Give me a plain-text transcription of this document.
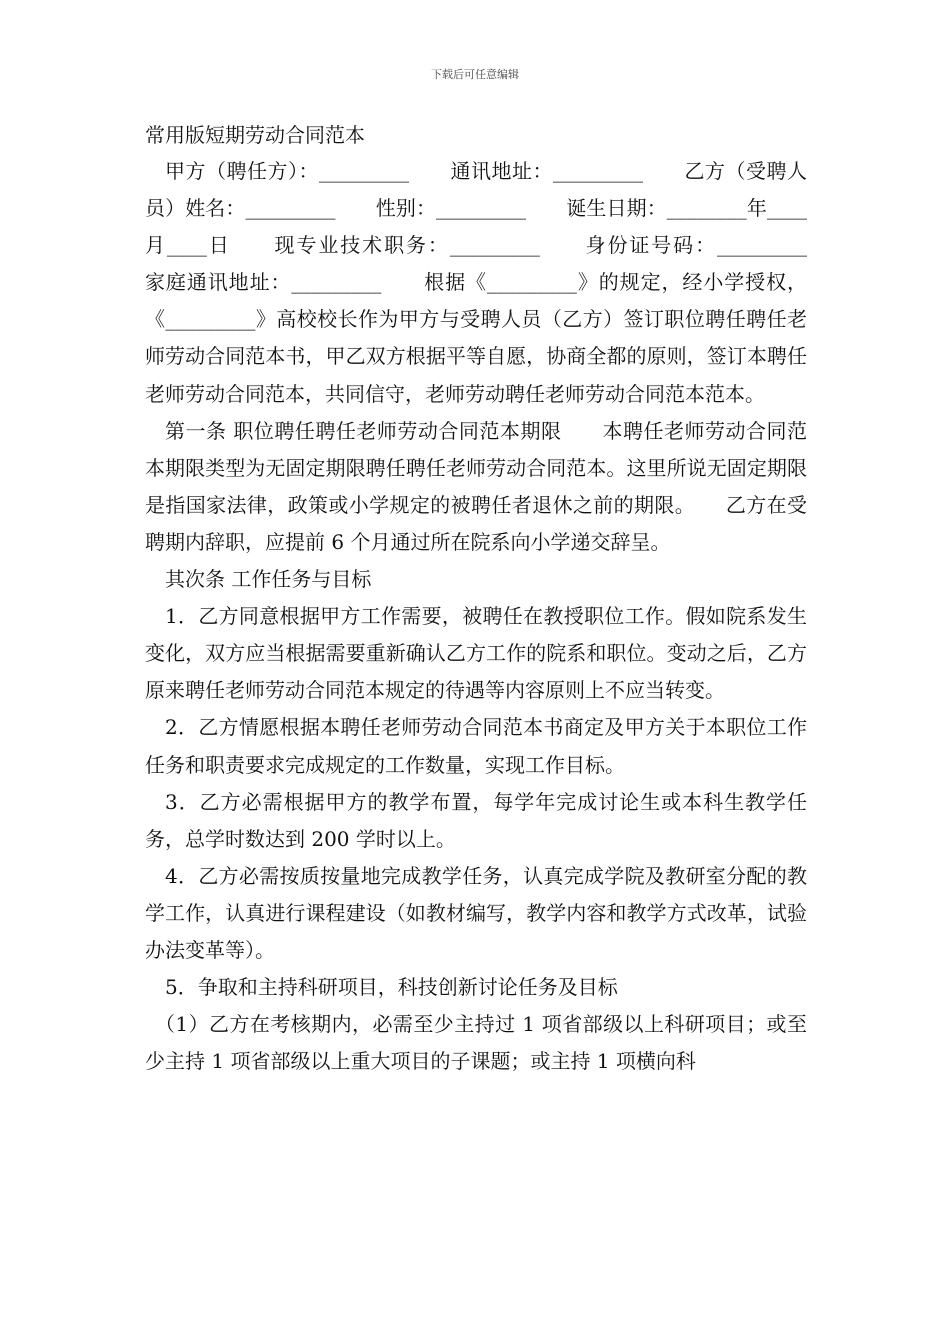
下载后可任意编辑
常用版短期劳动合同范本

甲方（聘任方）：_________　　通讯地址：_________　　乙方（受聘人员）姓名：_________　　性别：_________　　诞生日期：________年____月____日　　现专业技术职务：_________　　身份证号码：_________　　家庭通讯地址：_________　　根据《_________》的规定，经小学授权，《_________》高校校长作为甲方与受聘人员（乙方）签订职位聘任聘任老师劳动合同范本书，甲乙双方根据平等自愿，协商全都的原则，签订本聘任老师劳动合同范本，共同信守，老师劳动聘任老师劳动合同范本范本。

第一条 职位聘任聘任老师劳动合同范本期限　　本聘任老师劳动合同范本期限类型为无固定期限聘任聘任老师劳动合同范本。这里所说无固定期限是指国家法律，政策或小学规定的被聘任者退休之前的期限。　　乙方在受聘期内辞职，应提前 6 个月通过所在院系向小学递交辞呈。

其次条 工作任务与目标

1．乙方同意根据甲方工作需要，被聘任在教授职位工作。假如院系发生变化，双方应当根据需要重新确认乙方工作的院系和职位。变动之后，乙方原来聘任老师劳动合同范本规定的待遇等内容原则上不应当转变。

2．乙方情愿根据本聘任老师劳动合同范本书商定及甲方关于本职位工作任务和职责要求完成规定的工作数量，实现工作目标。

3．乙方必需根据甲方的教学布置，每学年完成讨论生或本科生教学任务，总学时数达到 200 学时以上。

4．乙方必需按质按量地完成教学任务，认真完成学院及教研室分配的教学工作，认真进行课程建设（如教材编写，教学内容和教学方式改革，试验办法变革等）。

5．争取和主持科研项目，科技创新讨论任务及目标

（1）乙方在考核期内，必需至少主持过 1 项省部级以上科研项目；或至少主持 1 项省部级以上重大项目的子课题；或主持 1 项横向科
